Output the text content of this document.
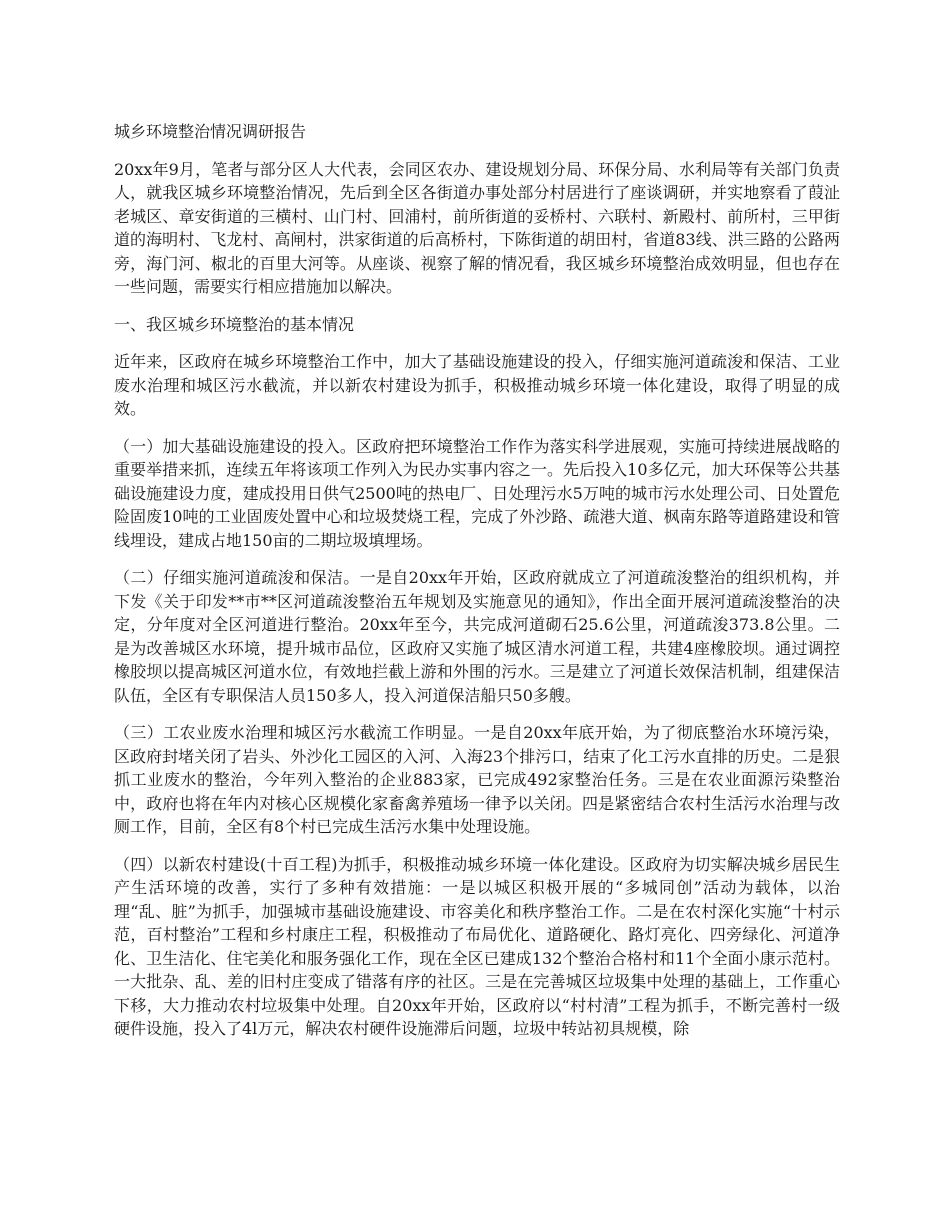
城乡环境整治情况调研报告
20xx年9月，笔者与部分区人大代表，会同区农办、建设规划分局、环保分局、水利局等有关部门负责人，就我区城乡环境整治情况，先后到全区各街道办事处部分村居进行了座谈调研，并实地察看了葭沚老城区、章安街道的三横村、山门村、回浦村，前所街道的妥桥村、六联村、新殿村、前所村，三甲街道的海明村、飞龙村、高闸村，洪家街道的后高桥村，下陈街道的胡田村，省道83线、洪三路的公路两旁，海门河、椒北的百里大河等。从座谈、视察了解的情况看，我区城乡环境整治成效明显，但也存在一些问题，需要实行相应措施加以解决。
一、我区城乡环境整治的基本情况
近年来，区政府在城乡环境整治工作中，加大了基础设施建设的投入，仔细实施河道疏浚和保洁、工业废水治理和城区污水截流，并以新农村建设为抓手，积极推动城乡环境一体化建设，取得了明显的成效。
（一）加大基础设施建设的投入。区政府把环境整治工作作为落实科学进展观，实施可持续进展战略的重要举措来抓，连续五年将该项工作列入为民办实事内容之一。先后投入10多亿元，加大环保等公共基础设施建设力度，建成投用日供气2500吨的热电厂、日处理污水5万吨的城市污水处理公司、日处置危险固废10吨的工业固废处置中心和垃圾焚烧工程，完成了外沙路、疏港大道、枫南东路等道路建设和管线埋设，建成占地150亩的二期垃圾填埋场。
（二）仔细实施河道疏浚和保洁。一是自20xx年开始，区政府就成立了河道疏浚整治的组织机构，并下发《关于印发**市**区河道疏浚整治五年规划及实施意见的通知》，作出全面开展河道疏浚整治的决定，分年度对全区河道进行整治。20xx年至今，共完成河道砌石25.6公里，河道疏浚373.8公里。二是为改善城区水环境，提升城市品位，区政府又实施了城区清水河道工程，共建4座橡胶坝。通过调控橡胶坝以提高城区河道水位，有效地拦截上游和外围的污水。三是建立了河道长效保洁机制，组建保洁队伍，全区有专职保洁人员150多人，投入河道保洁船只50多艘。
（三）工农业废水治理和城区污水截流工作明显。一是自20xx年底开始，为了彻底整治水环境污染，区政府封堵关闭了岩头、外沙化工园区的入河、入海23个排污口，结束了化工污水直排的历史。二是狠抓工业废水的整治，今年列入整治的企业883家，已完成492家整治任务。三是在农业面源污染整治中，政府也将在年内对核心区规模化家畜禽养殖场一律予以关闭。四是紧密结合农村生活污水治理与改厕工作，目前，全区有8个村已完成生活污水集中处理设施。
（四）以新农村建设(十百工程)为抓手，积极推动城乡环境一体化建设。区政府为切实解决城乡居民生产生活环境的改善，实行了多种有效措施：一是以城区积极开展的“多城同创”活动为载体，以治理“乱、脏”为抓手，加强城市基础设施建设、市容美化和秩序整治工作。二是在农村深化实施“十村示范，百村整治”工程和乡村康庄工程，积极推动了布局优化、道路硬化、路灯亮化、四旁绿化、河道净化、卫生洁化、住宅美化和服务强化工作，现在全区已建成132个整治合格村和11个全面小康示范村。一大批杂、乱、差的旧村庄变成了错落有序的社区。三是在完善城区垃圾集中处理的基础上，工作重心下移，大力推动农村垃圾集中处理。自20xx年开始，区政府以“村村清”工程为抓手，不断完善村一级硬件设施，投入了4l万元，解决农村硬件设施滞后问题，垃圾中转站初具规模，除
